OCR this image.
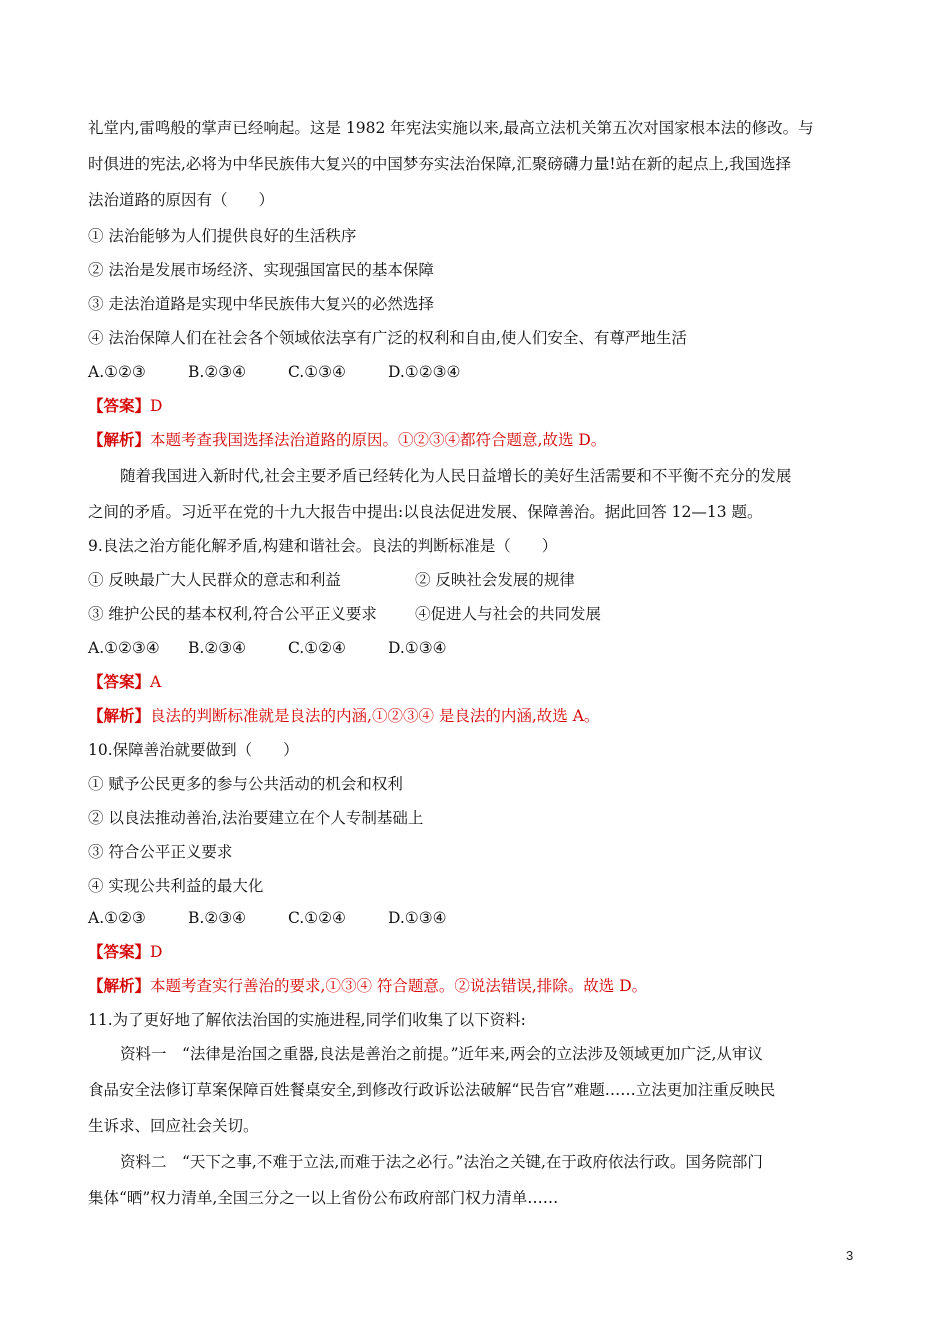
礼堂内,雷鸣般的掌声已经响起。这是 1982 年宪法实施以来,最高立法机关第五次对国家根本法的修改。与
时俱进的宪法,必将为中华民族伟大复兴的中国梦夯实法治保障,汇聚磅礴力量!站在新的起点上,我国选择
法治道路的原因有（　　）
① 法治能够为人们提供良好的生活秩序
② 法治是发展市场经济、实现强国富民的基本保障
③ 走法治道路是实现中华民族伟大复兴的必然选择
④ 法治保障人们在社会各个领域依法享有广泛的权利和自由,使人们安全、有尊严地生活
A.①②③	B.②③④	C.①③④	D.①②③④
【答案】D
【解析】本题考查我国选择法治道路的原因。①②③④都符合题意,故选 D。
随着我国进入新时代,社会主要矛盾已经转化为人民日益增长的美好生活需要和不平衡不充分的发展
之间的矛盾。习近平在党的十九大报告中提出:以良法促进发展、保障善治。据此回答 12—13 题。
9.良法之治方能化解矛盾,构建和谐社会。良法的判断标准是（　　）
① 反映最广大人民群众的意志和利益	② 反映社会发展的规律
③ 维护公民的基本权利,符合公平正义要求 ④促进人与社会的共同发展
A.①②③④ B.②③④	C.①②④	D.①③④
【答案】A
【解析】良法的判断标准就是良法的内涵,①②③④ 是良法的内涵,故选 A。
10.保障善治就要做到（　　）
① 赋予公民更多的参与公共活动的机会和权利
② 以良法推动善治,法治要建立在个人专制基础上
③ 符合公平正义要求
④ 实现公共利益的最大化
A.①②③	B.②③④	C.①②④	D.①③④
【答案】D
【解析】本题考查实行善治的要求,①③④ 符合题意。②说法错误,排除。故选 D。
11.为了更好地了解依法治国的实施进程,同学们收集了以下资料:
资料一　“法律是治国之重器,良法是善治之前提。”近年来,两会的立法涉及领域更加广泛,从审议
食品安全法修订草案保障百姓餐桌安全,到修改行政诉讼法破解“民告官”难题……立法更加注重反映民
生诉求、回应社会关切。
资料二　“天下之事,不难于立法,而难于法之必行。”法治之关键,在于政府依法行政。国务院部门
集体“晒”权力清单,全国三分之一以上省份公布政府部门权力清单……
3
